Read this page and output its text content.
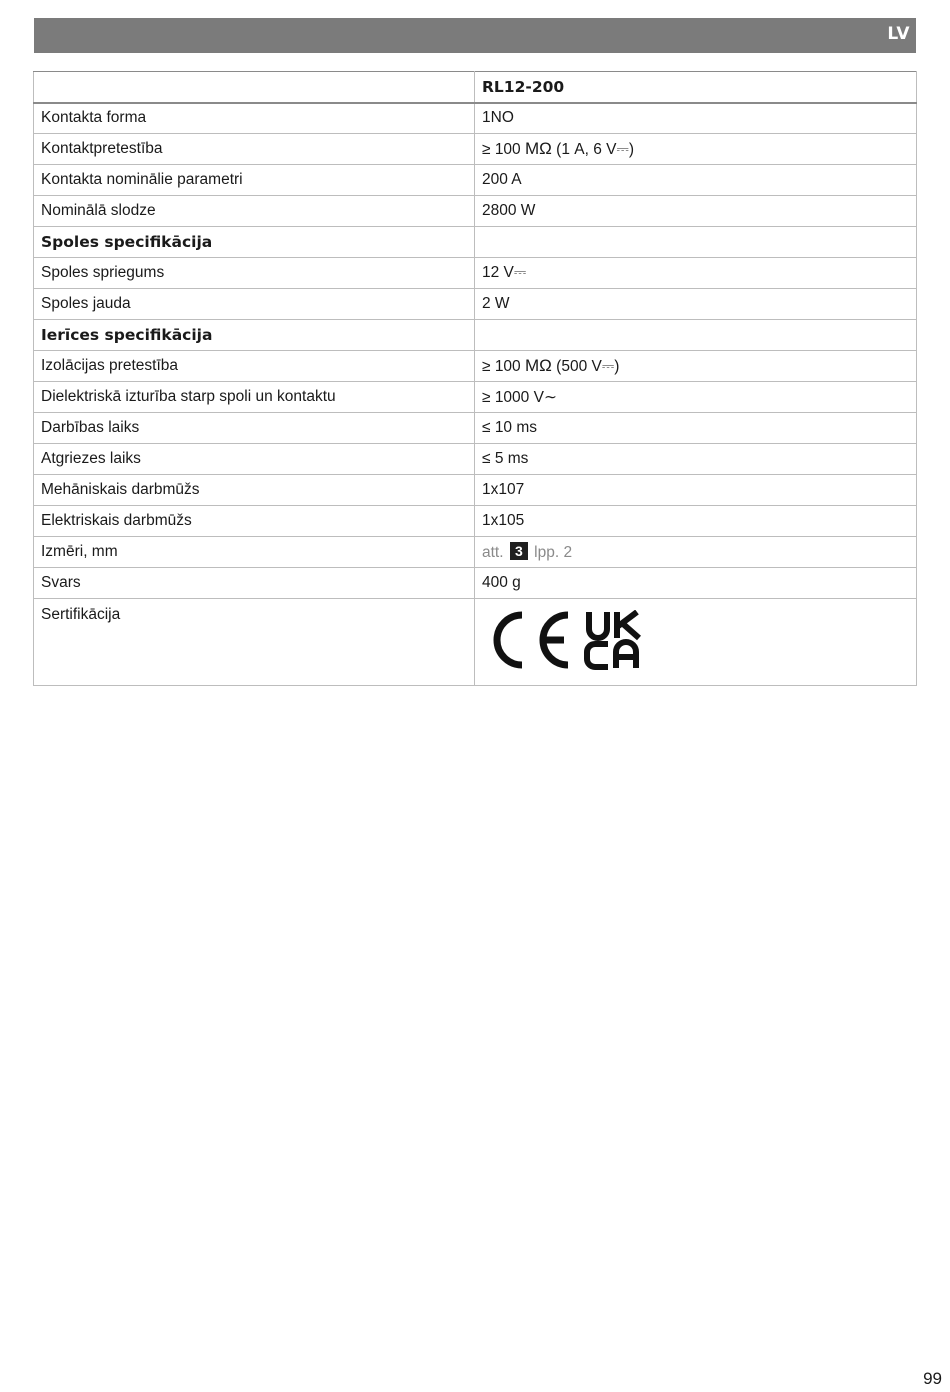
LV
	RL12-200
Kontakta forma	1NO
Kontaktpretestība	≥ 100 MΩ (1 A, 6 V⎓)
Kontakta nominālie parametri	200 A
Nominālā slodze	2800 W
Spoles specifikācija	
Spoles spriegums	12 V⎓
Spoles jauda	2 W
Ierīces specifikācija	
Izolācijas pretestība	≥ 100 MΩ (500 V⎓)
Dielektriskā izturība starp spoli un kontaktu	≥ 1000 V∼
Darbības laiks	≤ 10 ms
Atgriezes laiks	≤ 5 ms
Mehāniskais darbmūžs	1x107
Elektriskais darbmūžs	1x105
Izmēri, mm	att. 3 lpp. 2
Svars	400 g
Sertifikācija	
99
